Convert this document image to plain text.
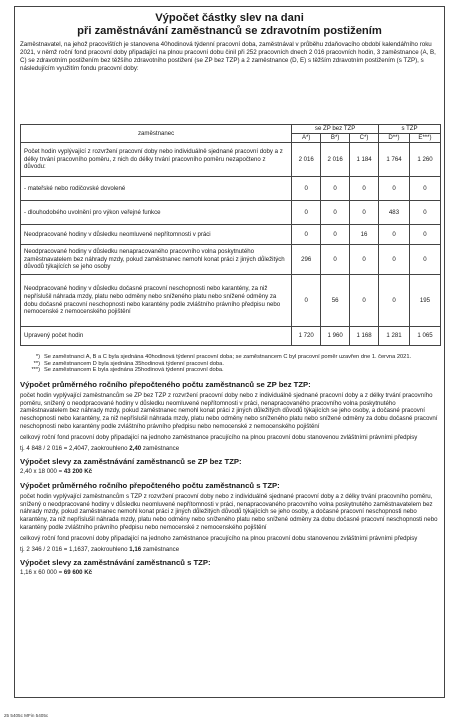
Výpočet částky slev na dani
při zaměstnávání zaměstnanců se zdravotním postižením
Zaměstnavatel, na jehož pracovištích je stanovena 40hodinová týdenní pracovní doba, zaměstnával v průběhu zdaňovacího období kalendářního roku 2021, v němž roční fond pracovní doby připadající na plnou pracovní dobu činil při 252 pracovních dnech 2 016 pracovních hodin, 3 zaměstnance (A, B, C) se zdravotním postižením bez těžšího zdravotního postižení (se ZP bez TZP) a 2 zaměstnance (D, E) s těžším zdravotním postižením (s TZP), s následujícím využitím fondu pracovní doby:
zaměstnanec	se ZP bez TZP			s TZP	
	A*)	B*)	C*)	D**)	E***)
Počet hodin vyplývající z rozvržení pracovní doby nebo individuálně sjednané pracovní doby a z délky trvání pracovního poměru, z nich do délky trvání pracovního poměru nezapočteno z důvodu:	2 016	2 016	1 184	1 764	1 260
- mateřské nebo rodičovské dovolené	0	0	0	0	0
- dlouhodobého uvolnění pro výkon veřejné funkce	0	0	0	483	0
Neodpracované hodiny v důsledku neomluvené nepřítomnosti v práci	0	0	16	0	0
Neodpracované hodiny v důsledku nenapracovaného pracovního volna poskytnutého zaměstnavatelem bez náhrady mzdy, pokud zaměstnanec nemohl konat práci z jiných důležitých důvodů týkajících se jeho osoby	296	0	0	0	0
Neodpracované hodiny v důsledku dočasné pracovní neschopnosti nebo karantény, za niž nepříslušil náhrada mzdy, platu nebo odměny nebo sníženého platu nebo snížené odměny za dobu dočasné pracovní neschopnosti nebo karantény podle zvláštního právního předpisu nebo nemocenské z nemocenského pojištění	0	56	0	0	195
Upravený počet hodin	1 720	1 960	1 168	1 281	1 065
*) Se zaměstnanci A, B a C byla sjednána 40hodinová týdenní pracovní doba; se zaměstnancem C byl pracovní poměr uzavřen dne 1. června 2021.
**) Se zaměstnancem D byla sjednána 35hodinová týdenní pracovní doba.
***) Se zaměstnancem E byla sjednána 25hodinová týdenní pracovní doba.
Výpočet průměrného ročního přepočteného počtu zaměstnanců se ZP bez TZP:
počet hodin vyplývající zaměstnancům se ZP bez TZP z rozvržení pracovní doby nebo z individuálně sjednané pracovní doby a z délky trvání pracovního poměru, snížený o neodpracované hodiny v důsledku neomluvené nepřítomnosti v práci, nenapracovaného pracovního volna poskytnutého zaměstnavatelem bez náhrady mzdy, pokud zaměstnanec nemohl konat práci z jiných důležitých důvodů týkajících se jeho osoby, a dočasné pracovní neschopnosti nebo karantény, za niž nepříslušil náhrada mzdy, platu nebo odměny nebo sníženého platu nebo snížené odměny za dobu dočasné pracovní neschopnosti nebo karantény podle zvláštního právního předpisu nebo nemocenské z nemocenského pojištění
celkový roční fond pracovní doby připadající na jednoho zaměstnance pracujícího na plnou pracovní dobu stanovenou zvláštními právními předpisy
tj. 4 848 / 2 016 = 2,4047, zaokrouhleno 2,40 zaměstnance
Výpočet slevy za zaměstnávání zaměstnanců se ZP bez TZP:
2,40 x 18 000 = 43 200 Kč
Výpočet průměrného ročního přepočteného počtu zaměstnanců s TZP:
počet hodin vyplývající zaměstnancům s TZP z rozvržení pracovní doby nebo z individuálně sjednané pracovní doby a z délky trvání pracovního poměru, snížený o neodpracované hodiny v důsledku neomluvené nepřítomnosti v práci, nenapracovaného pracovního volna poskytnutého zaměstnavatelem bez náhrady mzdy, pokud zaměstnanec nemohl konat práci z jiných důležitých důvodů týkajících se jeho osoby, a dočasné pracovní neschopnosti nebo karantény, za niž nepříslušil náhrada mzdy, platu nebo odměny nebo sníženého platu nebo snížené odměny za dobu dočasné pracovní neschopnosti nebo karantény podle zvláštního právního předpisu nebo nemocenské z nemocenského pojištění
celkový roční fond pracovní doby připadající na jednoho zaměstnance pracujícího na plnou pracovní dobu stanovenou zvláštními právními předpisy
tj. 2 346 / 2 016 = 1,1637, zaokrouhleno 1,16 zaměstnance
Výpočet slevy za zaměstnávání zaměstnanců s TZP:
1,16 x 60 000 = 69 600 Kč
25 5405c MFin 5405c
